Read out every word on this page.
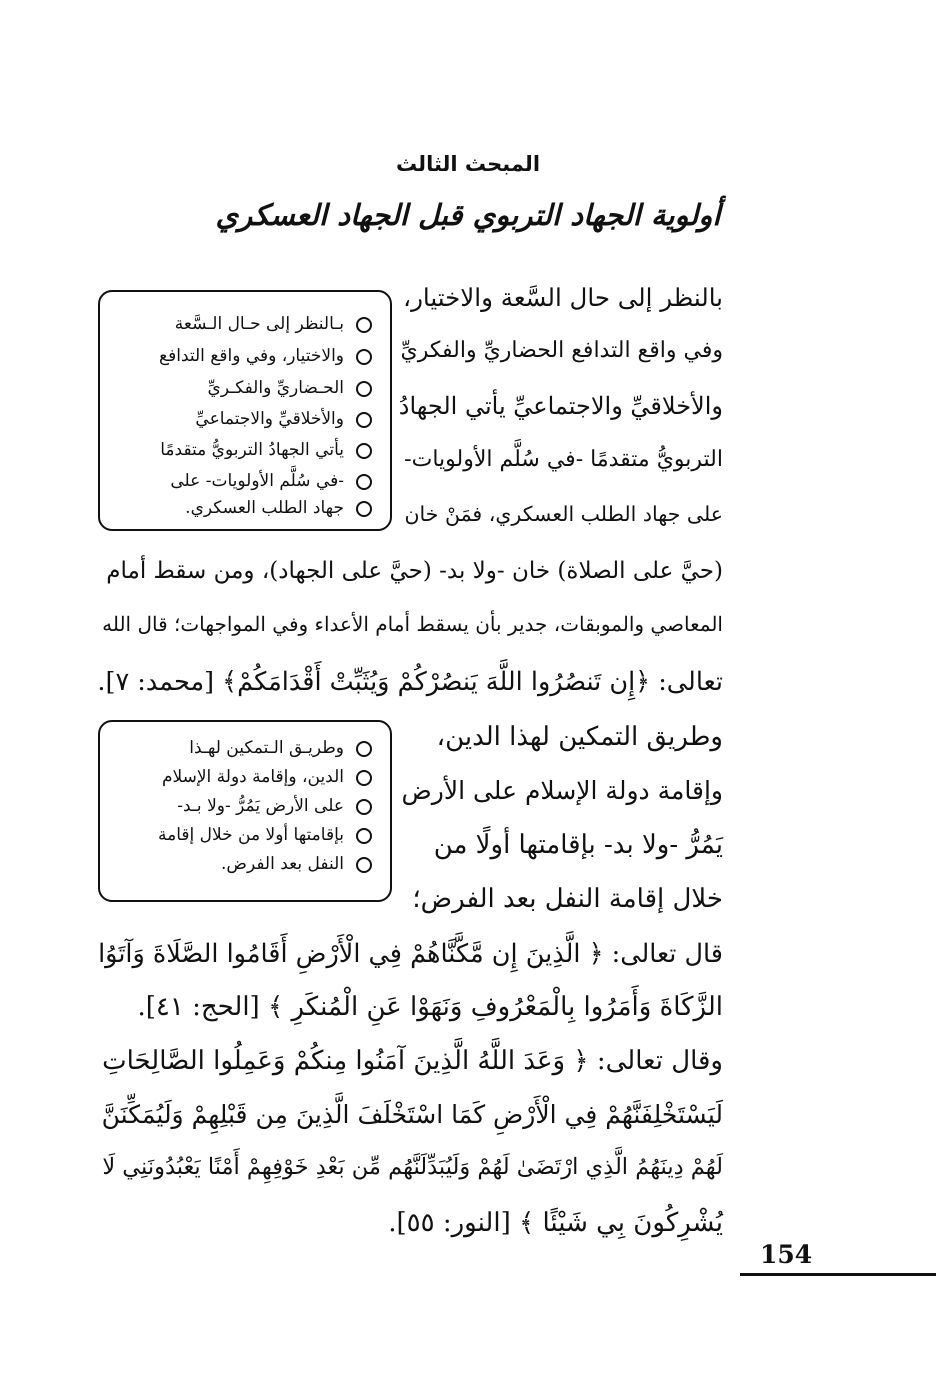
المبحث الثالث
أولوية الجهاد التربوي قبل الجهاد العسكري
بـالنظر إلى حـال الـسَّعة
والاختيار، وفي واقع التدافع
الحـضاريِّ والفكـريِّ
والأخلاقيِّ والاجتماعيِّ
يأتي الجهادُ التربويُّ متقدمًا
-في سُلَّم الأولويات- على
جهاد الطلب العسكري.
بالنظر إلى حال السَّعة والاختيار،
وفي واقع التدافع الحضاريِّ والفكريِّ
والأخلاقيِّ والاجتماعيِّ يأتي الجهادُ
التربويُّ متقدمًا -في سُلَّم الأولويات-
على جهاد الطلب العسكري، فمَنْ خان
(حيَّ على الصلاة) خان -ولا بد- (حيَّ على الجهاد)، ومن سقط أمام
المعاصي والموبقات، جدير بأن يسقط أمام الأعداء وفي المواجهات؛ قال الله
تعالى: ﴿إِن تَنصُرُوا اللَّهَ يَنصُرْكُمْ وَيُثَبِّتْ أَقْدَامَكُمْ﴾ [محمد: ٧].
وطريـق الـتمكين لهـذا
الدين، وإقامة دولة الإسلام
على الأرض يَمُرُّ -ولا بـد-
بإقامتها أولا من خلال إقامة
النفل بعد الفرض.
وطريق التمكين لهذا الدين،
وإقامة دولة الإسلام على الأرض
يَمُرُّ -ولا بد- بإقامتها أولًا من
خلال إقامة النفل بعد الفرض؛
قال تعالى: ﴿ الَّذِينَ إِن مَّكَّنَّاهُمْ فِي الْأَرْضِ أَقَامُوا الصَّلَاةَ وَآتَوُا
الزَّكَاةَ وَأَمَرُوا بِالْمَعْرُوفِ وَنَهَوْا عَنِ الْمُنكَرِ ﴾ [الحج: ٤١].
وقال تعالى: ﴿ وَعَدَ اللَّهُ الَّذِينَ آمَنُوا مِنكُمْ وَعَمِلُوا الصَّالِحَاتِ
لَيَسْتَخْلِفَنَّهُمْ فِي الْأَرْضِ كَمَا اسْتَخْلَفَ الَّذِينَ مِن قَبْلِهِمْ وَلَيُمَكِّنَنَّ
لَهُمْ دِينَهُمُ الَّذِي ارْتَضَىٰ لَهُمْ وَلَيُبَدِّلَنَّهُم مِّن بَعْدِ خَوْفِهِمْ أَمْنًا يَعْبُدُونَنِي لَا
يُشْرِكُونَ بِي شَيْئًا ﴾ [النور: ٥٥].
154
